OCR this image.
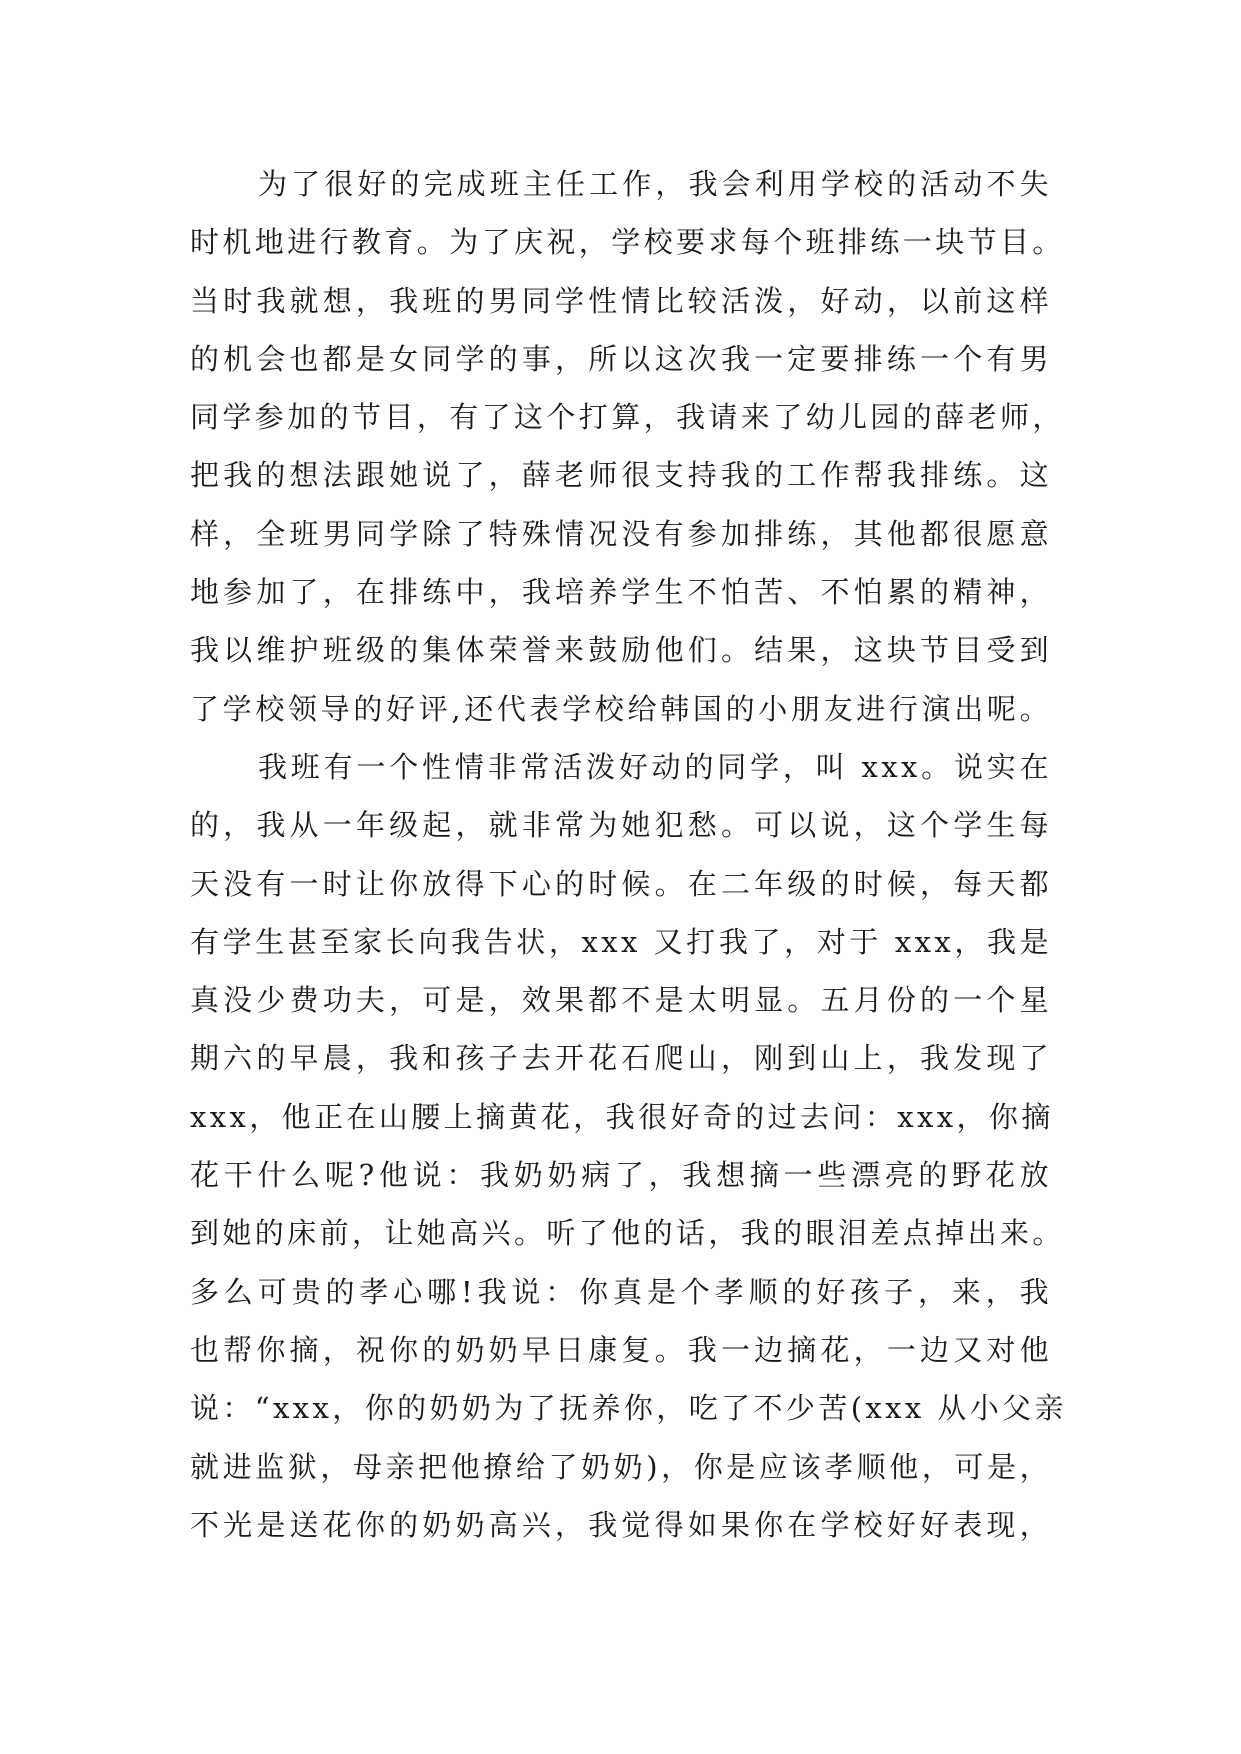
为了很好的完成班主任工作，我会利用学校的活动不失
时机地进行教育。为了庆祝，学校要求每个班排练一块节目。
当时我就想，我班的男同学性情比较活泼，好动，以前这样
的机会也都是女同学的事，所以这次我一定要排练一个有男
同学参加的节目，有了这个打算，我请来了幼儿园的薛老师，
把我的想法跟她说了，薛老师很支持我的工作帮我排练。这
样，全班男同学除了特殊情况没有参加排练，其他都很愿意
地参加了，在排练中，我培养学生不怕苦、不怕累的精神，
我以维护班级的集体荣誉来鼓励他们。结果，这块节目受到
了学校领导的好评,还代表学校给韩国的小朋友进行演出呢。
我班有一个性情非常活泼好动的同学，叫 xxx。说实在
的，我从一年级起，就非常为她犯愁。可以说，这个学生每
天没有一时让你放得下心的时候。在二年级的时候，每天都
有学生甚至家长向我告状，xxx 又打我了，对于 xxx，我是
真没少费功夫，可是，效果都不是太明显。五月份的一个星
期六的早晨，我和孩子去开花石爬山，刚到山上，我发现了
xxx，他正在山腰上摘黄花，我很好奇的过去问：xxx，你摘
花干什么呢?他说：我奶奶病了，我想摘一些漂亮的野花放
到她的床前，让她高兴。听了他的话，我的眼泪差点掉出来。
多么可贵的孝心哪!我说：你真是个孝顺的好孩子，来，我
也帮你摘，祝你的奶奶早日康复。我一边摘花，一边又对他
说：“xxx，你的奶奶为了抚养你，吃了不少苦(xxx 从小父亲
就进监狱，母亲把他撩给了奶奶)，你是应该孝顺他，可是，
不光是送花你的奶奶高兴，我觉得如果你在学校好好表现，
